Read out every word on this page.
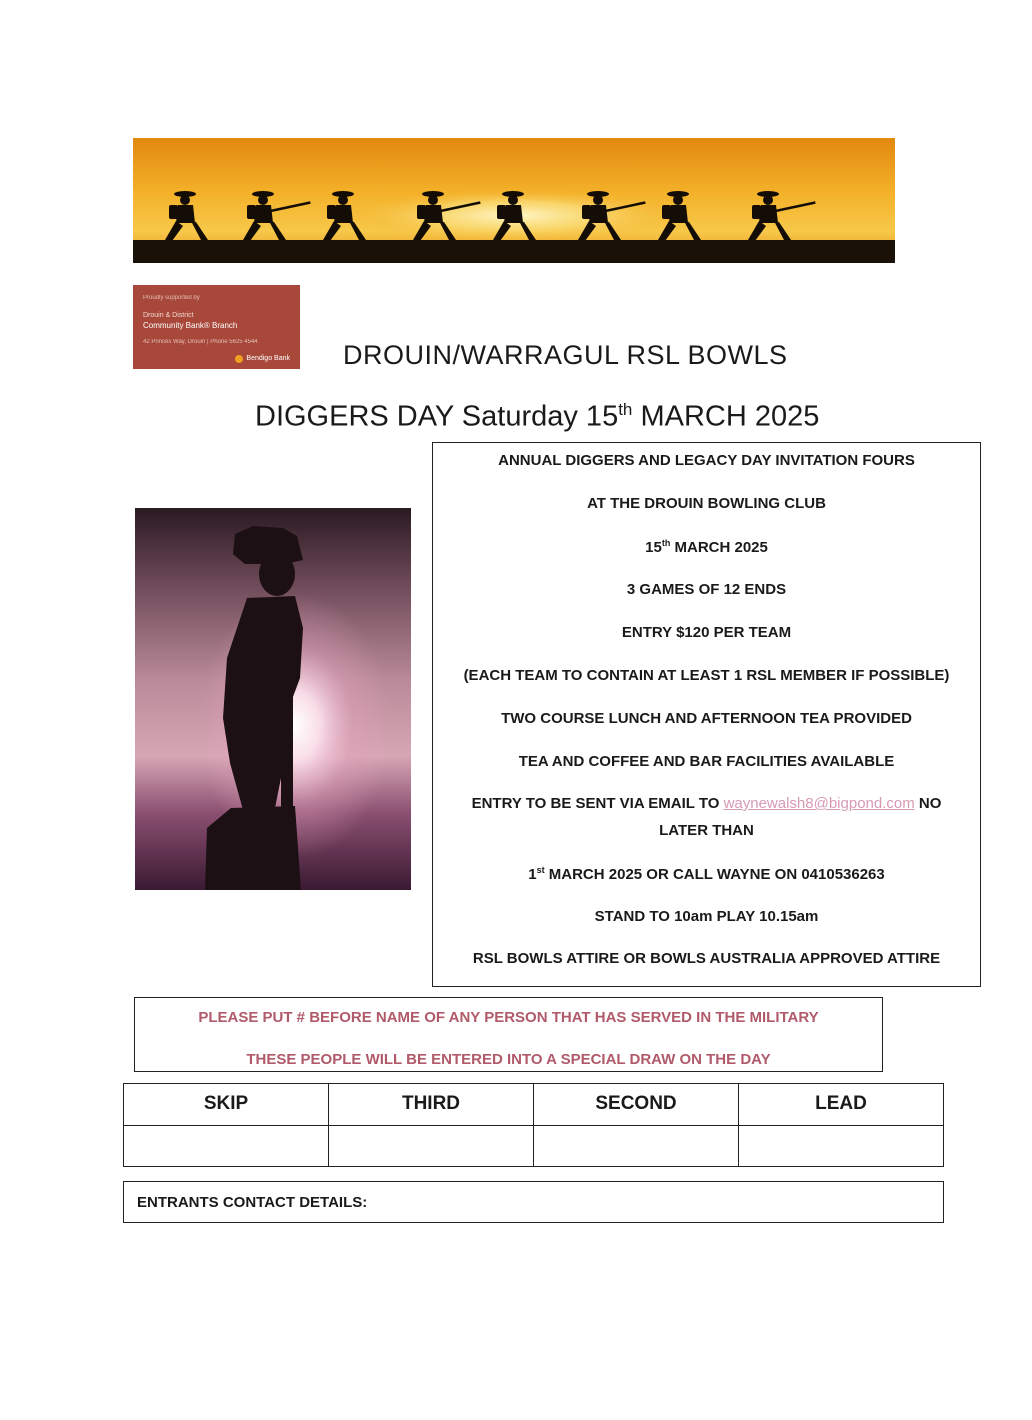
Proudly supported by
Drouin & District
Community Bank® Branch
42 Princes Way, Drouin | Phone 5625 4544
Bendigo Bank DROUIN/WARRAGUL RSL BOWLS
DIGGERS DAY Saturday 15th MARCH 2025
ANNUAL DIGGERS AND LEGACY DAY INVITATION FOURS
AT THE DROUIN BOWLING CLUB
15th MARCH 2025
3 GAMES OF 12 ENDS
ENTRY $120 PER TEAM
(EACH TEAM TO CONTAIN AT LEAST 1 RSL MEMBER IF POSSIBLE)
TWO COURSE LUNCH AND AFTERNOON TEA PROVIDED
TEA AND COFFEE AND BAR FACILITIES AVAILABLE
ENTRY TO BE SENT VIA EMAIL TO waynewalsh8@bigpond.com NO
LATER THAN
1st MARCH 2025 OR CALL WAYNE ON 0410536263
STAND TO 10am PLAY 10.15am
RSL BOWLS ATTIRE OR BOWLS AUSTRALIA APPROVED ATTIRE
PLEASE PUT # BEFORE NAME OF ANY PERSON THAT HAS SERVED IN THE MILITARY
THESE PEOPLE WILL BE ENTERED INTO A SPECIAL DRAW ON THE DAY
SKIP	THIRD	SECOND	LEAD

ENTRANTS CONTACT DETAILS:
